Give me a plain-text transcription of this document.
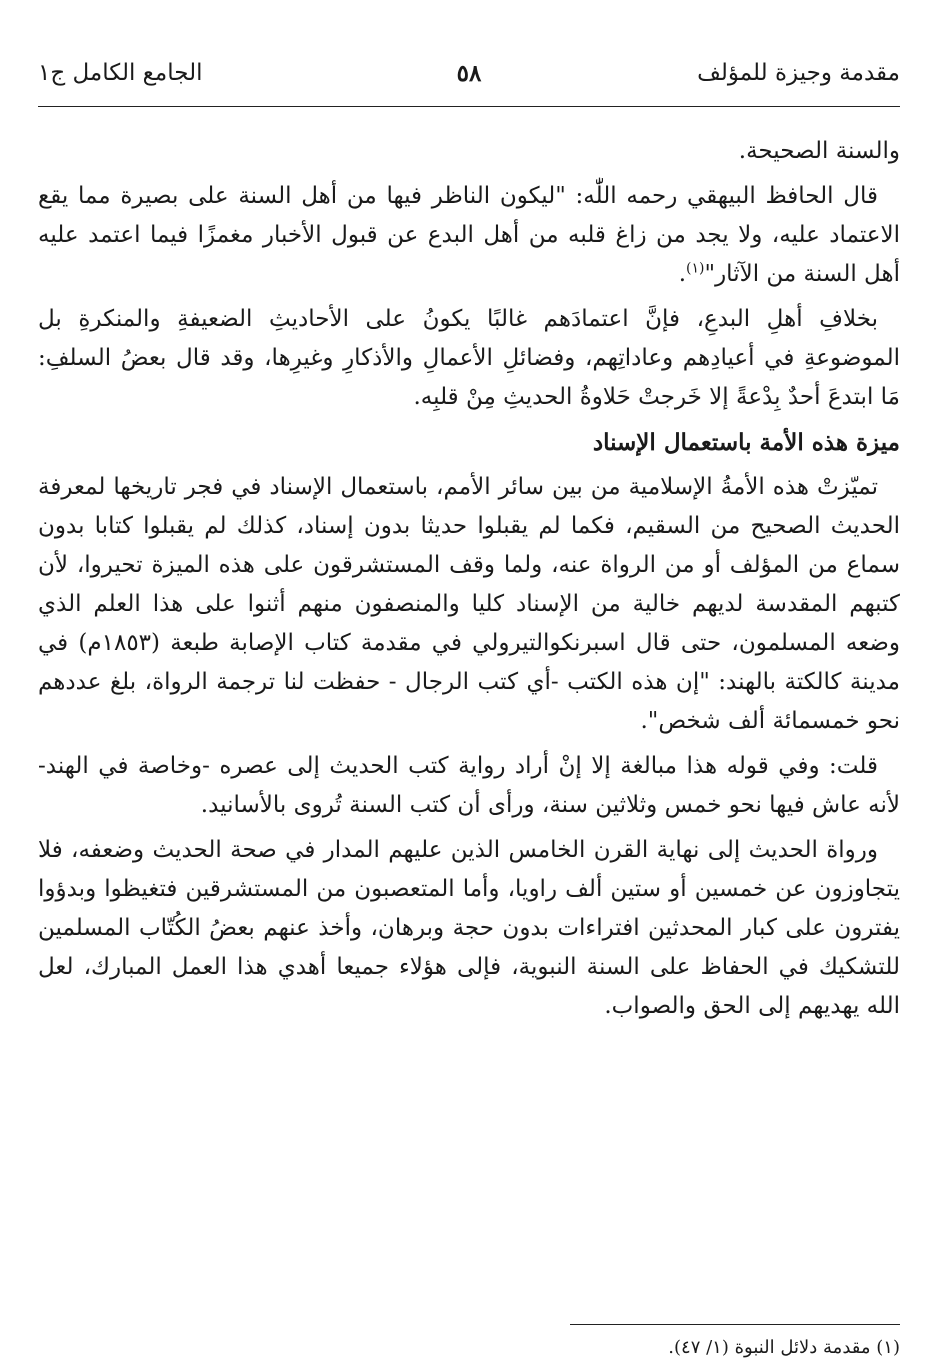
مقدمة وجيزة للمؤلف
٥٨
الجامع الكامل ج١

والسنة الصحيحة.

قال الحافظ البيهقي رحمه اللّٰه: "ليكون الناظر فيها من أهل السنة على بصيرة مما يقع الاعتماد عليه، ولا يجد من زاغ قلبه من أهل البدع عن قبول الأخبار مغمزًا فيما اعتمد عليه أهل السنة من الآثار"$^{(١)}$.

بخلافِ أهلِ البدعِ، فإنَّ اعتمادَهم غالبًا يكونُ على الأحاديثِ الضعيفةِ والمنكرةِ بل الموضوعةِ في أعيادِهم وعاداتِهم، وفضائلِ الأعمالِ والأذكارِ وغيرِها، وقد قال بعضُ السلفِ: مَا ابتدعَ أحدٌ بِدْعةً إلا خَرجتْ حَلاوةُ الحديثِ مِنْ قلبِه.

ميزة هذه الأمة باستعمال الإسناد

تميّزتْ هذه الأمةُ الإسلامية من بين سائر الأمم، باستعمال الإسناد في فجر تاريخها لمعرفة الحديث الصحيح من السقيم، فكما لم يقبلوا حديثا بدون إسناد، كذلك لم يقبلوا كتابا بدون سماع من المؤلف أو من الرواة عنه، ولما وقف المستشرقون على هذه الميزة تحيروا، لأن كتبهم المقدسة لديهم خالية من الإسناد كليا والمنصفون منهم أثنوا على هذا العلم الذي وضعه المسلمون، حتى قال اسبرنكوالتيرولي في مقدمة كتاب الإصابة طبعة (١٨٥٣م) في مدينة كالكتة بالهند: "إن هذه الكتب -أي كتب الرجال - حفظت لنا ترجمة الرواة، بلغ عددهم نحو خمسمائة ألف شخص".

قلت: وفي قوله هذا مبالغة إلا إنْ أراد رواية كتب الحديث إلى عصره -وخاصة في الهند- لأنه عاش فيها نحو خمس وثلاثين سنة، ورأى أن كتب السنة تُروى بالأسانيد.

ورواة الحديث إلى نهاية القرن الخامس الذين عليهم المدار في صحة الحديث وضعفه، فلا يتجاوزون عن خمسين أو ستين ألف راويا، وأما المتعصبون من المستشرقين فتغيظوا وبدؤوا يفترون على كبار المحدثين افتراءات بدون حجة وبرهان، وأخذ عنهم بعضُ الكُتّاب المسلمين للتشكيك في الحفاظ على السنة النبوية، فإلى هؤلاء جميعا أهدي هذا العمل المبارك، لعل الله يهديهم إلى الحق والصواب.

(١) مقدمة دلائل النبوة (١/ ٤٧).
